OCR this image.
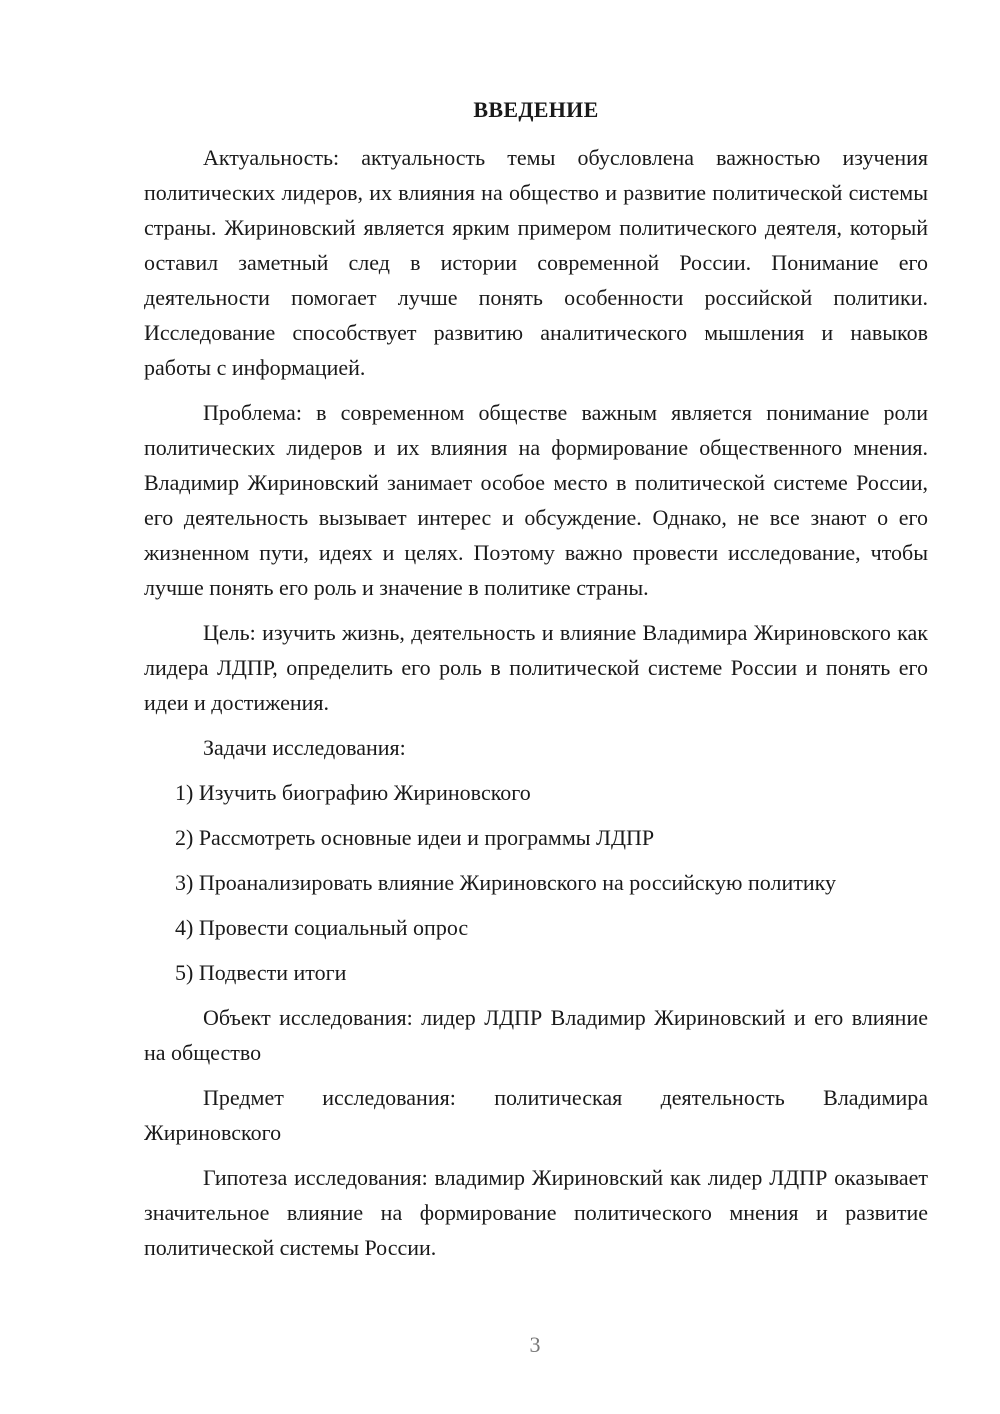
ВВЕДЕНИЕ

Актуальность: актуальность темы обусловлена важностью изучения политических лидеров, их влияния на общество и развитие политической системы страны. Жириновский является ярким примером политического деятеля, который оставил заметный след в истории современной России. Понимание его деятельности помогает лучше понять особенности российской политики. Исследование способствует развитию аналитического мышления и навыков работы с информацией.

Проблема: в современном обществе важным является понимание роли политических лидеров и их влияния на формирование общественного мнения. Владимир Жириновский занимает особое место в политической системе России, его деятельность вызывает интерес и обсуждение. Однако, не все знают о его жизненном пути, идеях и целях. Поэтому важно провести исследование, чтобы лучше понять его роль и значение в политике страны.

Цель: изучить жизнь, деятельность и влияние Владимира Жириновского как лидера ЛДПР, определить его роль в политической системе России и понять его идеи и достижения.

Задачи исследования:

1) Изучить биографию Жириновского
2) Рассмотреть основные идеи и программы ЛДПР
3) Проанализировать влияние Жириновского на российскую политику
4) Провести социальный опрос
5) Подвести итоги

Объект исследования: лидер ЛДПР Владимир Жириновский и его влияние на общество

Предмет исследования: политическая деятельность Владимира Жириновского

Гипотеза исследования: владимир Жириновский как лидер ЛДПР оказывает значительное влияние на формирование политического мнения и развитие политической системы России.

3
